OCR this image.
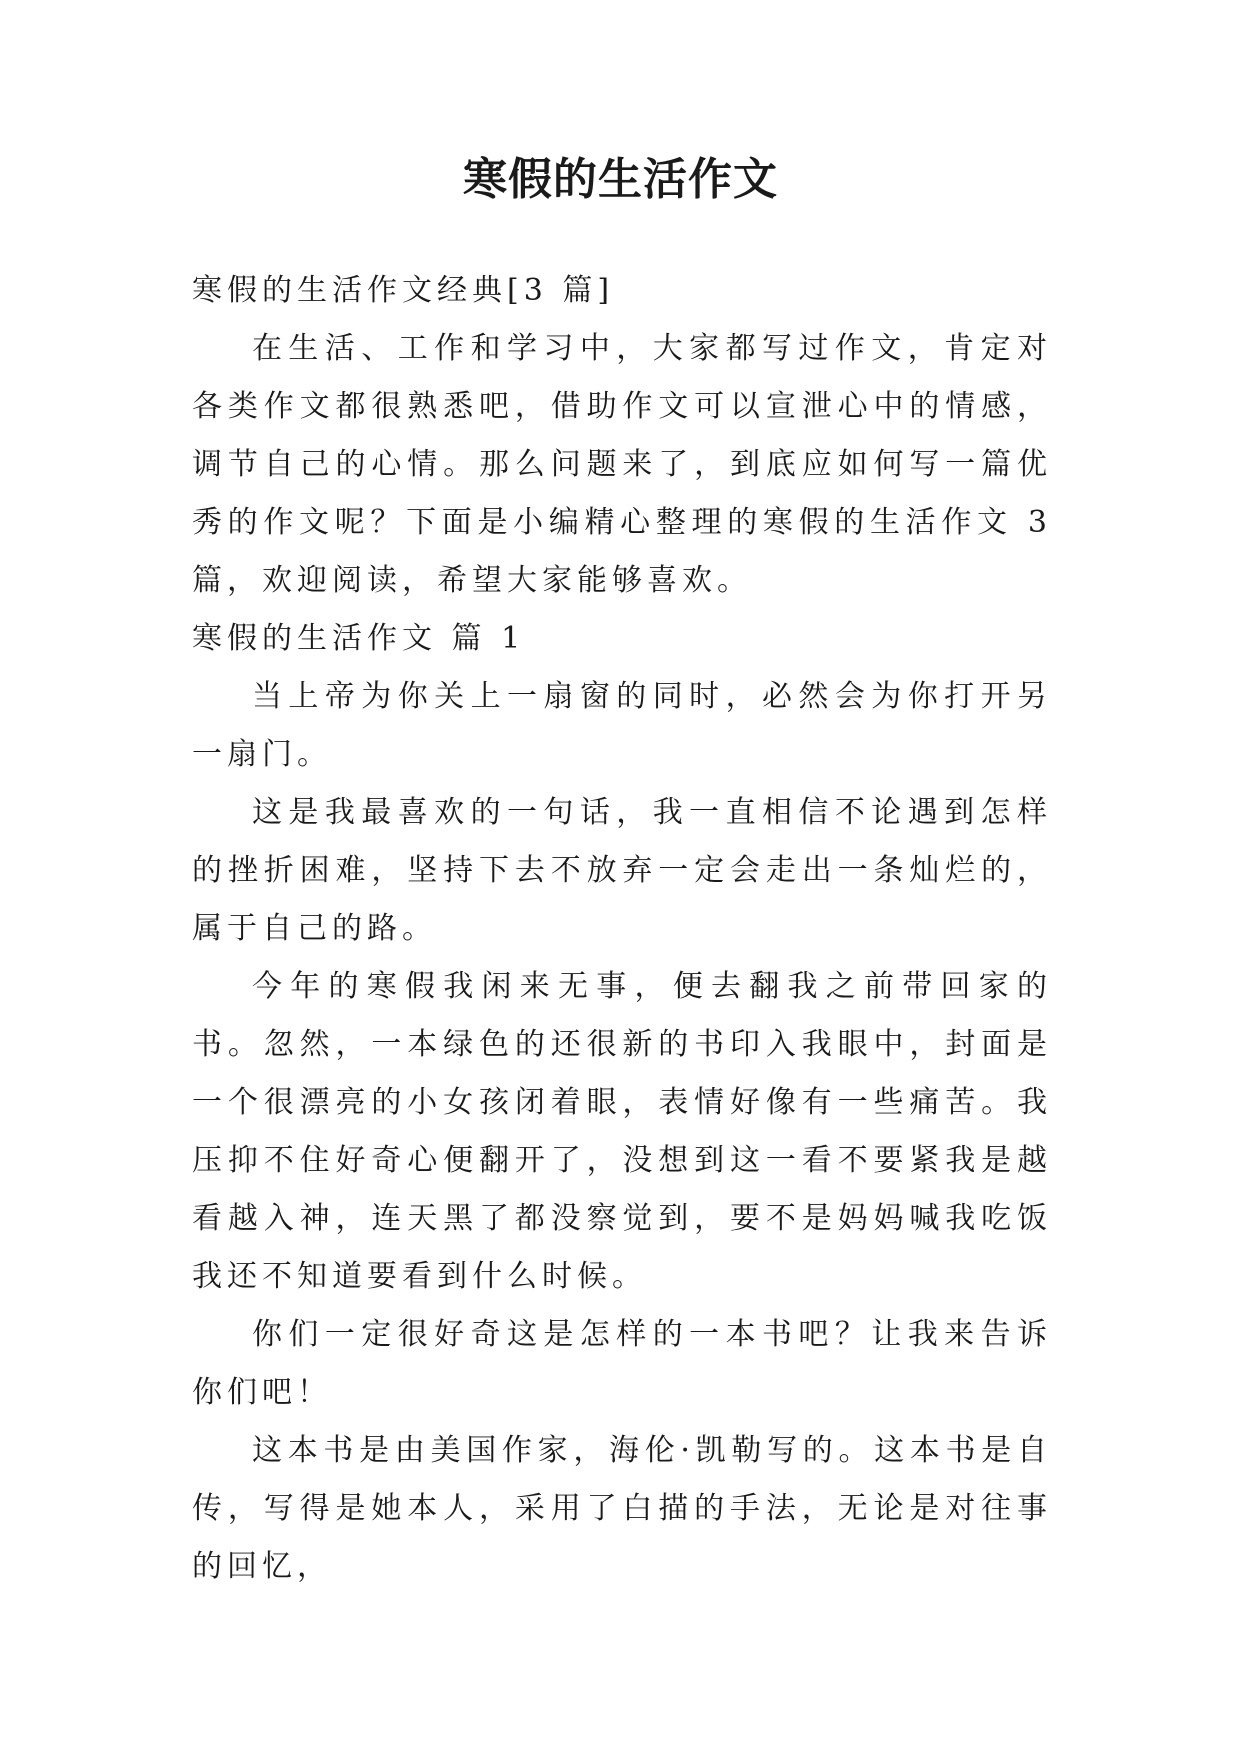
寒假的生活作文

寒假的生活作文经典[3 篇]

在生活、工作和学习中，大家都写过作文，肯定对各类作文都很熟悉吧，借助作文可以宣泄心中的情感，调节自己的心情。那么问题来了，到底应如何写一篇优秀的作文呢？下面是小编精心整理的寒假的生活作文 3 篇，欢迎阅读，希望大家能够喜欢。

寒假的生活作文 篇 1

当上帝为你关上一扇窗的同时，必然会为你打开另一扇门。

这是我最喜欢的一句话，我一直相信不论遇到怎样的挫折困难，坚持下去不放弃一定会走出一条灿烂的，属于自己的路。

今年的寒假我闲来无事，便去翻我之前带回家的书。忽然，一本绿色的还很新的书印入我眼中，封面是一个很漂亮的小女孩闭着眼，表情好像有一些痛苦。我压抑不住好奇心便翻开了，没想到这一看不要紧我是越看越入神，连天黑了都没察觉到，要不是妈妈喊我吃饭我还不知道要看到什么时候。

你们一定很好奇这是怎样的一本书吧？让我来告诉你们吧！

这本书是由美国作家，海伦·凯勒写的。这本书是自传，写得是她本人，采用了白描的手法，无论是对往事的回忆，
